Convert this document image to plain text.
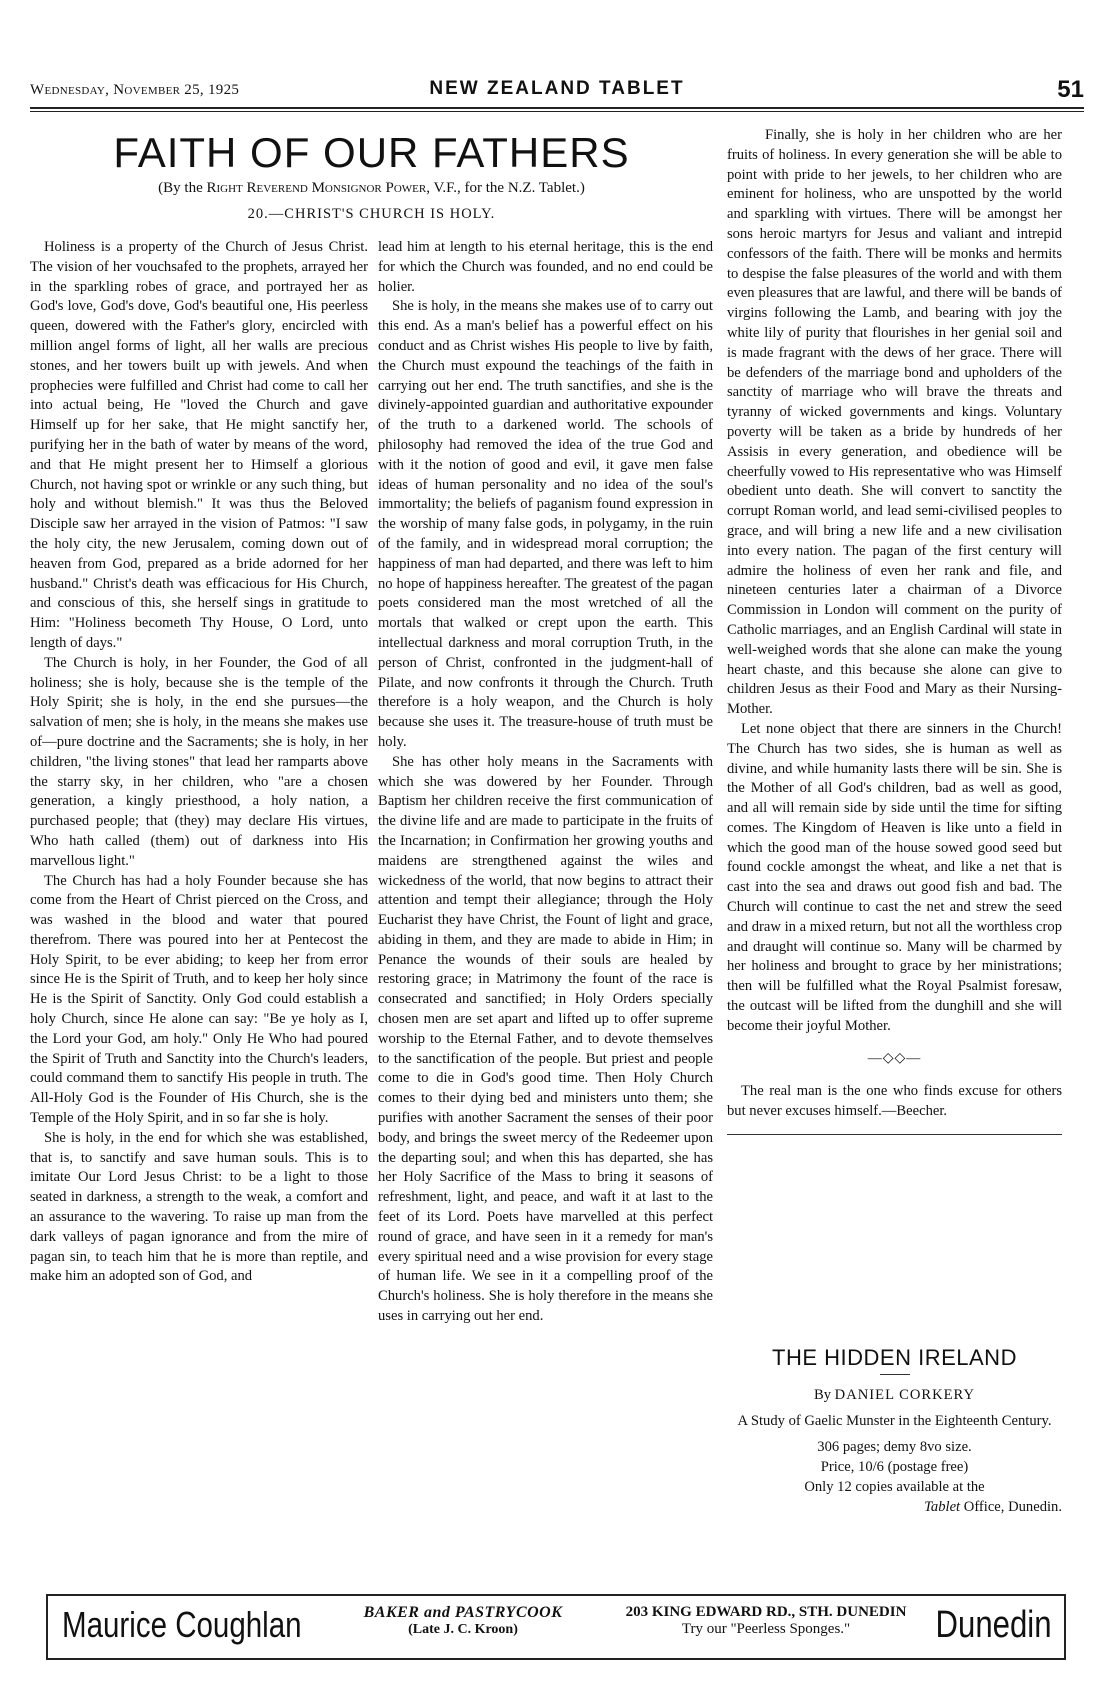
Wednesday, November 25, 1925	NEW ZEALAND TABLET	51
FAITH OF OUR FATHERS
(By the Right Reverend Monsignor Power, V.F., for the N.Z. Tablet.)
20.—CHRIST'S CHURCH IS HOLY.

Holiness is a property of the Church of Jesus Christ. The vision of her vouchsafed to the prophets, arrayed her in the sparkling robes of grace, and portrayed her as God's love, God's dove, God's beautiful one, His peerless queen, dowered with the Father's glory, encircled with million angel forms of light, all her walls are precious stones, and her towers built up with jewels. And when prophecies were fulfilled and Christ had come to call her into actual being, He "loved the Church and gave Himself up for her sake, that He might sanctify her, purifying her in the bath of water by means of the word, and that He might present her to Himself a glorious Church, not having spot or wrinkle or any such thing, but holy and without blemish." It was thus the Beloved Disciple saw her arrayed in the vision of Patmos: "I saw the holy city, the new Jerusalem, coming down out of heaven from God, prepared as a bride adorned for her husband." Christ's death was efficacious for His Church, and conscious of this, she herself sings in gratitude to Him: "Holiness becometh Thy House, O Lord, unto length of days."

The Church is holy, in her Founder, the God of all holiness; she is holy, because she is the temple of the Holy Spirit; she is holy, in the end she pursues—the salvation of men; she is holy, in the means she makes use of—pure doctrine and the Sacraments; she is holy, in her children, "the living stones" that lead her ramparts above the starry sky, in her children, who "are a chosen generation, a kingly priesthood, a holy nation, a purchased people; that (they) may declare His virtues, Who hath called (them) out of darkness into His marvellous light."

The Church has had a holy Founder because she has come from the Heart of Christ pierced on the Cross, and was washed in the blood and water that poured therefrom. There was poured into her at Pentecost the Holy Spirit, to be ever abiding; to keep her from error since He is the Spirit of Truth, and to keep her holy since He is the Spirit of Sanctity. Only God could establish a holy Church, since He alone can say: "Be ye holy as I, the Lord your God, am holy." Only He Who had poured the Spirit of Truth and Sanctity into the Church's leaders, could command them to sanctify His people in truth. The All-Holy God is the Founder of His Church, she is the Temple of the Holy Spirit, and in so far she is holy.

She is holy, in the end for which she was established, that is, to sanctify and save human souls. This is to imitate Our Lord Jesus Christ: to be a light to those seated in darkness, a strength to the weak, a comfort and an assurance to the wavering. To raise up man from the dark valleys of pagan ignorance and from the mire of pagan sin, to teach him that he is more than reptile, and make him an adopted son of God, and

lead him at length to his eternal heritage, this is the end for which the Church was founded, and no end could be holier.

She is holy, in the means she makes use of to carry out this end. As a man's belief has a powerful effect on his conduct and as Christ wishes His people to live by faith, the Church must expound the teachings of the faith in carrying out her end. The truth sanctifies, and she is the divinely-appointed guardian and authoritative expounder of the truth to a darkened world. The schools of philosophy had removed the idea of the true God and with it the notion of good and evil, it gave men false ideas of human personality and no idea of the soul's immortality; the beliefs of paganism found expression in the worship of many false gods, in polygamy, in the ruin of the family, and in widespread moral corruption; the happiness of man had departed, and there was left to him no hope of happiness hereafter. The greatest of the pagan poets considered man the most wretched of all the mortals that walked or crept upon the earth. This intellectual darkness and moral corruption Truth, in the person of Christ, confronted in the judgment-hall of Pilate, and now confronts it through the Church. Truth therefore is a holy weapon, and the Church is holy because she uses it. The treasure-house of truth must be holy.

She has other holy means in the Sacraments with which she was dowered by her Founder. Through Baptism her children receive the first communication of the divine life and are made to participate in the fruits of the Incarnation; in Confirmation her growing youths and maidens are strengthened against the wiles and wickedness of the world, that now begins to attract their attention and tempt their allegiance; through the Holy Eucharist they have Christ, the Fount of light and grace, abiding in them, and they are made to abide in Him; in Penance the wounds of their souls are healed by restoring grace; in Matrimony the fount of the race is consecrated and sanctified; in Holy Orders specially chosen men are set apart and lifted up to offer supreme worship to the Eternal Father, and to devote themselves to the sanctification of the people. But priest and people come to die in God's good time. Then Holy Church comes to their dying bed and ministers unto them; she purifies with another Sacrament the senses of their poor body, and brings the sweet mercy of the Redeemer upon the departing soul; and when this has departed, she has her Holy Sacrifice of the Mass to bring it seasons of refreshment, light, and peace, and waft it at last to the feet of its Lord. Poets have marvelled at this perfect round of grace, and have seen in it a remedy for man's every spiritual need and a wise provision for every stage of human life. We see in it a compelling proof of the Church's holiness. She is holy therefore in the means she uses in carrying out her end.

Finally, she is holy in her children who are her fruits of holiness. In every generation she will be able to point with pride to her jewels, to her children who are eminent for holiness, who are unspotted by the world and sparkling with virtues. There will be amongst her sons heroic martyrs for Jesus and valiant and intrepid confessors of the faith. There will be monks and hermits to despise the false pleasures of the world and with them even pleasures that are lawful, and there will be bands of virgins following the Lamb, and bearing with joy the white lily of purity that flourishes in her genial soil and is made fragrant with the dews of her grace. There will be defenders of the marriage bond and upholders of the sanctity of marriage who will brave the threats and tyranny of wicked governments and kings. Voluntary poverty will be taken as a bride by hundreds of her Assisis in every generation, and obedience will be cheerfully vowed to His representative who was Himself obedient unto death. She will convert to sanctity the corrupt Roman world, and lead semi-civilised peoples to grace, and will bring a new life and a new civilisation into every nation. The pagan of the first century will admire the holiness of even her rank and file, and nineteen centuries later a chairman of a Divorce Commission in London will comment on the purity of Catholic marriages, and an English Cardinal will state in well-weighed words that she alone can make the young heart chaste, and this because she alone can give to children Jesus as their Food and Mary as their Nursing-Mother.

Let none object that there are sinners in the Church! The Church has two sides, she is human as well as divine, and while humanity lasts there will be sin. She is the Mother of all God's children, bad as well as good, and all will remain side by side until the time for sifting comes. The Kingdom of Heaven is like unto a field in which the good man of the house sowed good seed but found cockle amongst the wheat, and like a net that is cast into the sea and draws out good fish and bad. The Church will continue to cast the net and strew the seed and draw in a mixed return, but not all the worthless crop and draught will continue so. Many will be charmed by her holiness and brought to grace by her ministrations; then will be fulfilled what the Royal Psalmist foresaw, the outcast will be lifted from the dunghill and she will become their joyful Mother.

—◇◇—

The real man is the one who finds excuse for others but never excuses himself.—Beecher.

THE HIDDEN IRELAND
By DANIEL CORKERY
A Study of Gaelic Munster in the Eighteenth Century.
306 pages; demy 8vo size.
Price, 10/6 (postage free)
Only 12 copies available at the
Tablet Office, Dunedin.
Maurice Coughlan	BAKER and PASTRYCOOK
(Late J. C. Kroon)
203 KING EDWARD RD., STH. DUNEDIN
Try our "Peerless Sponges."	Dunedin
